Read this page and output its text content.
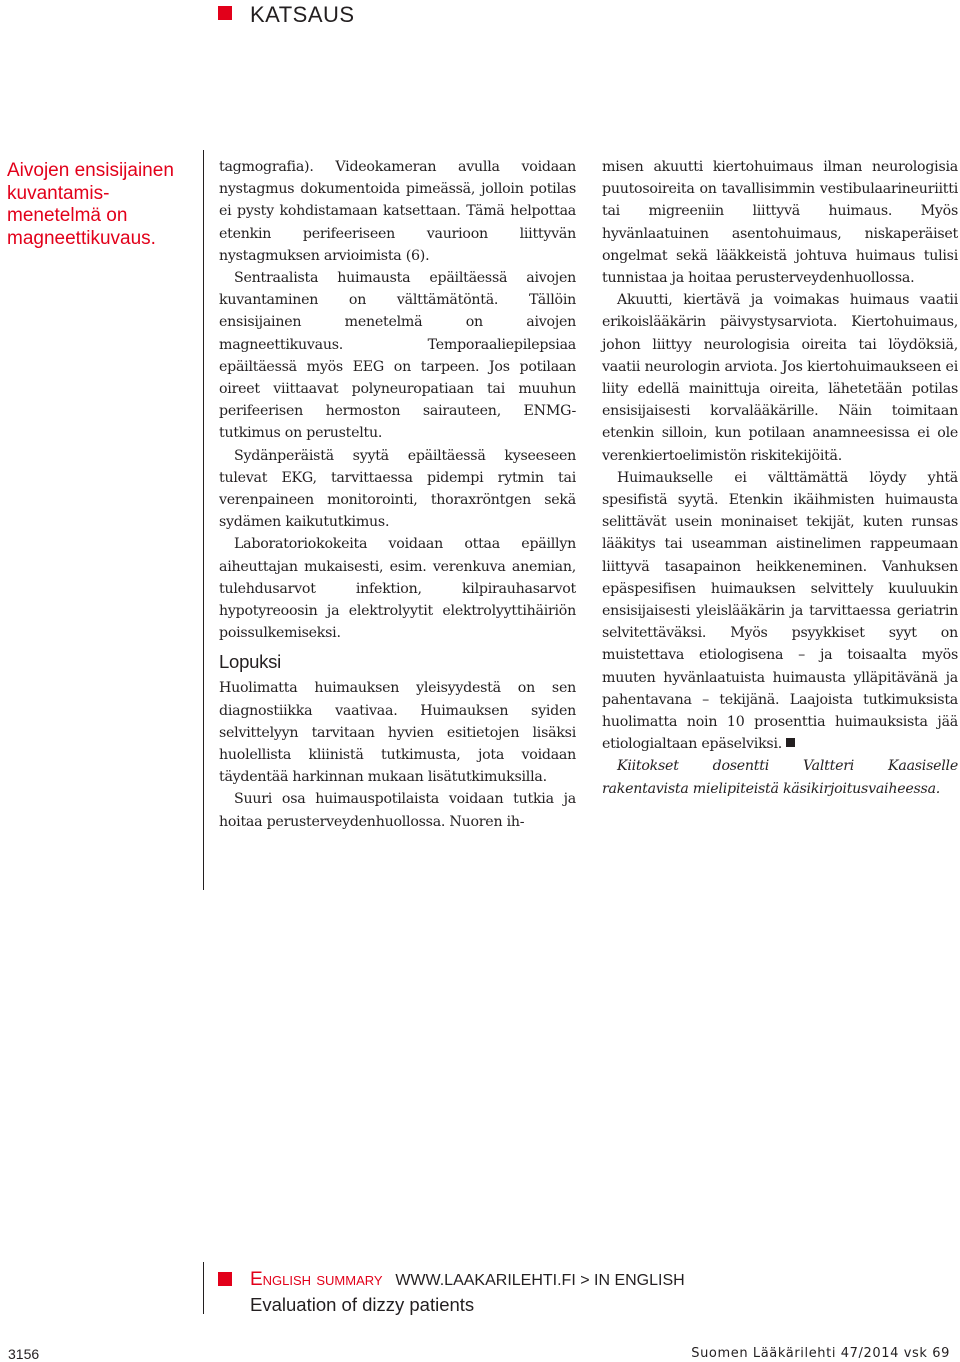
KATSAUS
Aivojen ensisijainen kuvantamismenetelmä on magneettikuvaus.

tagmografia). Videokameran avulla voidaan nystagmus dokumentoida pimeässä, jolloin potilas ei pysty kohdistamaan katsettaan. Tämä helpottaa etenkin perifeeriseen vaurioon liittyvän nystagmuksen arvioimista (6).

Sentraalista huimausta epäiltäessä aivojen kuvantaminen on välttämätöntä. Tällöin ensisijainen menetelmä on aivojen magneettikuvaus. Temporaaliepilepsiaa epäiltäessä myös EEG on tarpeen. Jos potilaan oireet viittaavat polyneuropatiaan tai muuhun perifeerisen hermoston sairauteen, ENMG-tutkimus on perusteltu.

Sydänperäistä syytä epäiltäessä kyseeseen tulevat EKG, tarvittaessa pidempi rytmin tai verenpaineen monitorointi, thoraxröntgen sekä sydämen kaikututkimus.

Laboratoriokokeita voidaan ottaa epäillyn aiheuttajan mukaisesti, esim. verenkuva anemian, tulehdusarvot infektion, kilpirauhasarvot hypotyreoosin ja elektrolyytit elektrolyyttihäiriön poissulkemiseksi.

Lopuksi

Huolimatta huimauksen yleisyydestä on sen diagnostiikka vaativaa. Huimauksen syiden selvittelyyn tarvitaan hyvien esitietojen lisäksi huolellista kliinistä tutkimusta, jota voidaan täydentää harkinnan mukaan lisätutkimuksilla.

Suuri osa huimauspotilaista voidaan tutkia ja hoitaa perusterveydenhuollossa. Nuoren ih-

misen akuutti kiertohuimaus ilman neurologisia puutosoireita on tavallisimmin vestibulaarineuriitti tai migreeniin liittyvä huimaus. Myös hyvänlaatuinen asentohuimaus, niskaperäiset ongelmat sekä lääkkeistä johtuva huimaus tulisi tunnistaa ja hoitaa perusterveydenhuollossa.

Akuutti, kiertävä ja voimakas huimaus vaatii erikoislääkärin päivystysarviota. Kiertohuimaus, johon liittyy neurologisia oireita tai löydöksiä, vaatii neurologin arviota. Jos kiertohuimaukseen ei liity edellä mainittuja oireita, lähetetään potilas ensisijaisesti korvalääkärille. Näin toimitaan etenkin silloin, kun potilaan anamneesissa ei ole verenkiertoelimistön riskitekijöitä.

Huimaukselle ei välttämättä löydy yhtä spesifistä syytä. Etenkin ikäihmisten huimausta selittävät usein moninaiset tekijät, kuten runsas lääkitys tai useamman aistinelimen rappeumaan liittyvä tasapainon heikkeneminen. Vanhuksen epäspesifisen huimauksen selvittely kuuluukin ensisijaisesti yleislääkärin ja tarvittaessa geriatrin selvitettäväksi. Myös psyykkiset syyt on muistettava etiologisena – ja toisaalta myös muuten hyvänlaatuista huimausta ylläpitävänä ja pahentavana – tekijänä. Laajoista tutkimuksista huolimatta noin 10 prosenttia huimauksista jää etiologialtaan epäselviksi.

Kiitokset dosentti Valtteri Kaasiselle rakentavista mielipiteistä käsikirjoitusvaiheessa.

English summary WWW.LAAKARILEHTI.FI > IN ENGLISH
Evaluation of dizzy patients
3156	Suomen Lääkärilehti 47/2014 vsk 69
